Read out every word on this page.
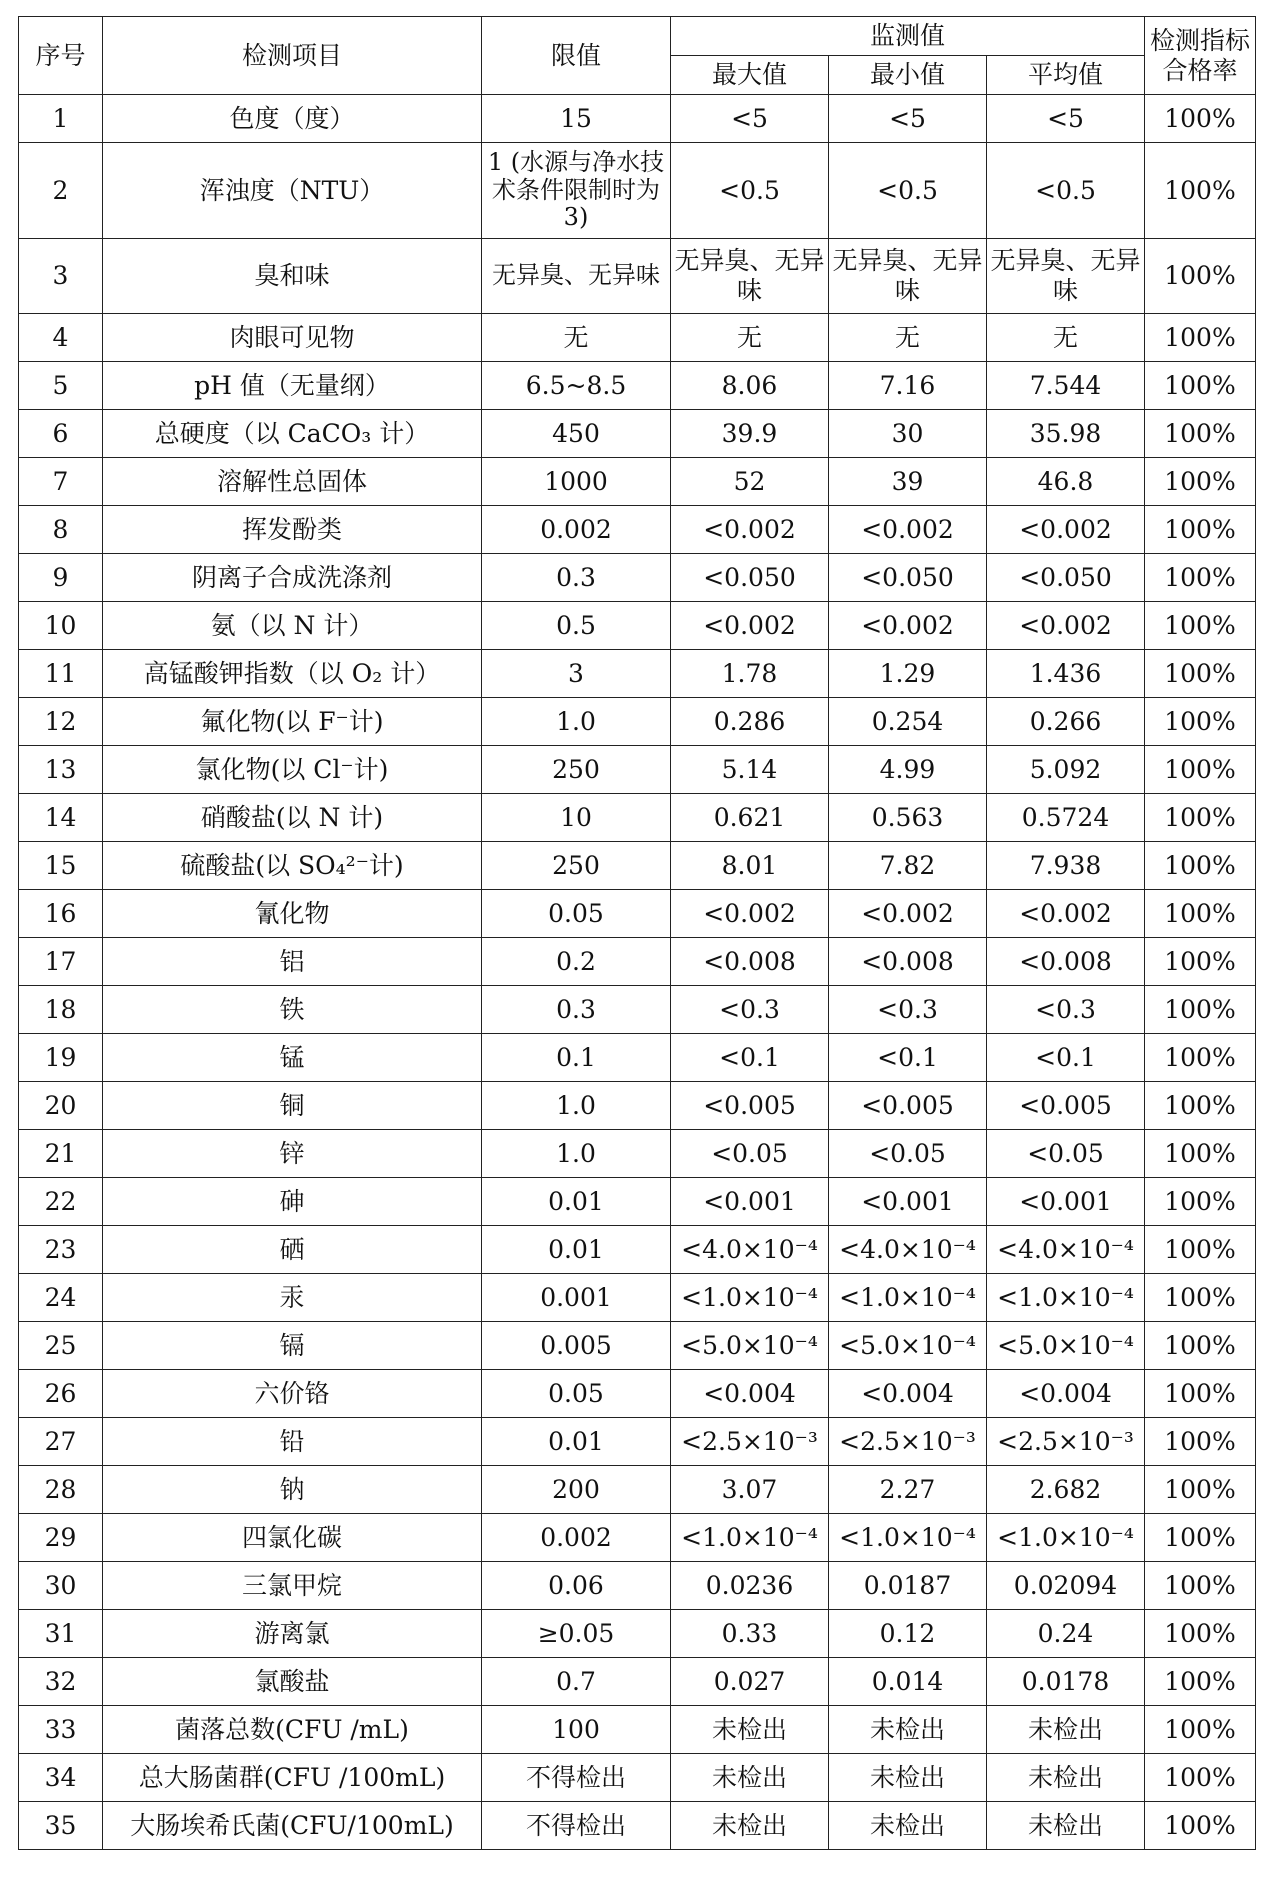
序号	检测项目	限值	监测值			检测指标合格率
			最大值	最小值	平均值	
1	色度（度）	15	<5	<5	<5	100%
2	浑浊度（NTU）	1 (水源与净水技术条件限制时为 3)	<0.5	<0.5	<0.5	100%
3	臭和味	无异臭、无异味	无异臭、无异味	无异臭、无异味	无异臭、无异味	100%
4	肉眼可见物	无	无	无	无	100%
5	pH 值（无量纲）	6.5~8.5	8.06	7.16	7.544	100%
6	总硬度（以 CaCO₃ 计）	450	39.9	30	35.98	100%
7	溶解性总固体	1000	52	39	46.8	100%
8	挥发酚类	0.002	<0.002	<0.002	<0.002	100%
9	阴离子合成洗涤剂	0.3	<0.050	<0.050	<0.050	100%
10	氨（以 N 计）	0.5	<0.002	<0.002	<0.002	100%
11	高锰酸钾指数（以 O₂ 计）	3	1.78	1.29	1.436	100%
12	氟化物(以 F⁻计)	1.0	0.286	0.254	0.266	100%
13	氯化物(以 Cl⁻计)	250	5.14	4.99	5.092	100%
14	硝酸盐(以 N 计)	10	0.621	0.563	0.5724	100%
15	硫酸盐(以 SO₄²⁻计)	250	8.01	7.82	7.938	100%
16	氰化物	0.05	<0.002	<0.002	<0.002	100%
17	铝	0.2	<0.008	<0.008	<0.008	100%
18	铁	0.3	<0.3	<0.3	<0.3	100%
19	锰	0.1	<0.1	<0.1	<0.1	100%
20	铜	1.0	<0.005	<0.005	<0.005	100%
21	锌	1.0	<0.05	<0.05	<0.05	100%
22	砷	0.01	<0.001	<0.001	<0.001	100%
23	硒	0.01	<4.0×10⁻⁴	<4.0×10⁻⁴	<4.0×10⁻⁴	100%
24	汞	0.001	<1.0×10⁻⁴	<1.0×10⁻⁴	<1.0×10⁻⁴	100%
25	镉	0.005	<5.0×10⁻⁴	<5.0×10⁻⁴	<5.0×10⁻⁴	100%
26	六价铬	0.05	<0.004	<0.004	<0.004	100%
27	铅	0.01	<2.5×10⁻³	<2.5×10⁻³	<2.5×10⁻³	100%
28	钠	200	3.07	2.27	2.682	100%
29	四氯化碳	0.002	<1.0×10⁻⁴	<1.0×10⁻⁴	<1.0×10⁻⁴	100%
30	三氯甲烷	0.06	0.0236	0.0187	0.02094	100%
31	游离氯	≥0.05	0.33	0.12	0.24	100%
32	氯酸盐	0.7	0.027	0.014	0.0178	100%
33	菌落总数(CFU /mL)	100	未检出	未检出	未检出	100%
34	总大肠菌群(CFU /100mL)	不得检出	未检出	未检出	未检出	100%
35	大肠埃希氏菌(CFU/100mL)	不得检出	未检出	未检出	未检出	100%
